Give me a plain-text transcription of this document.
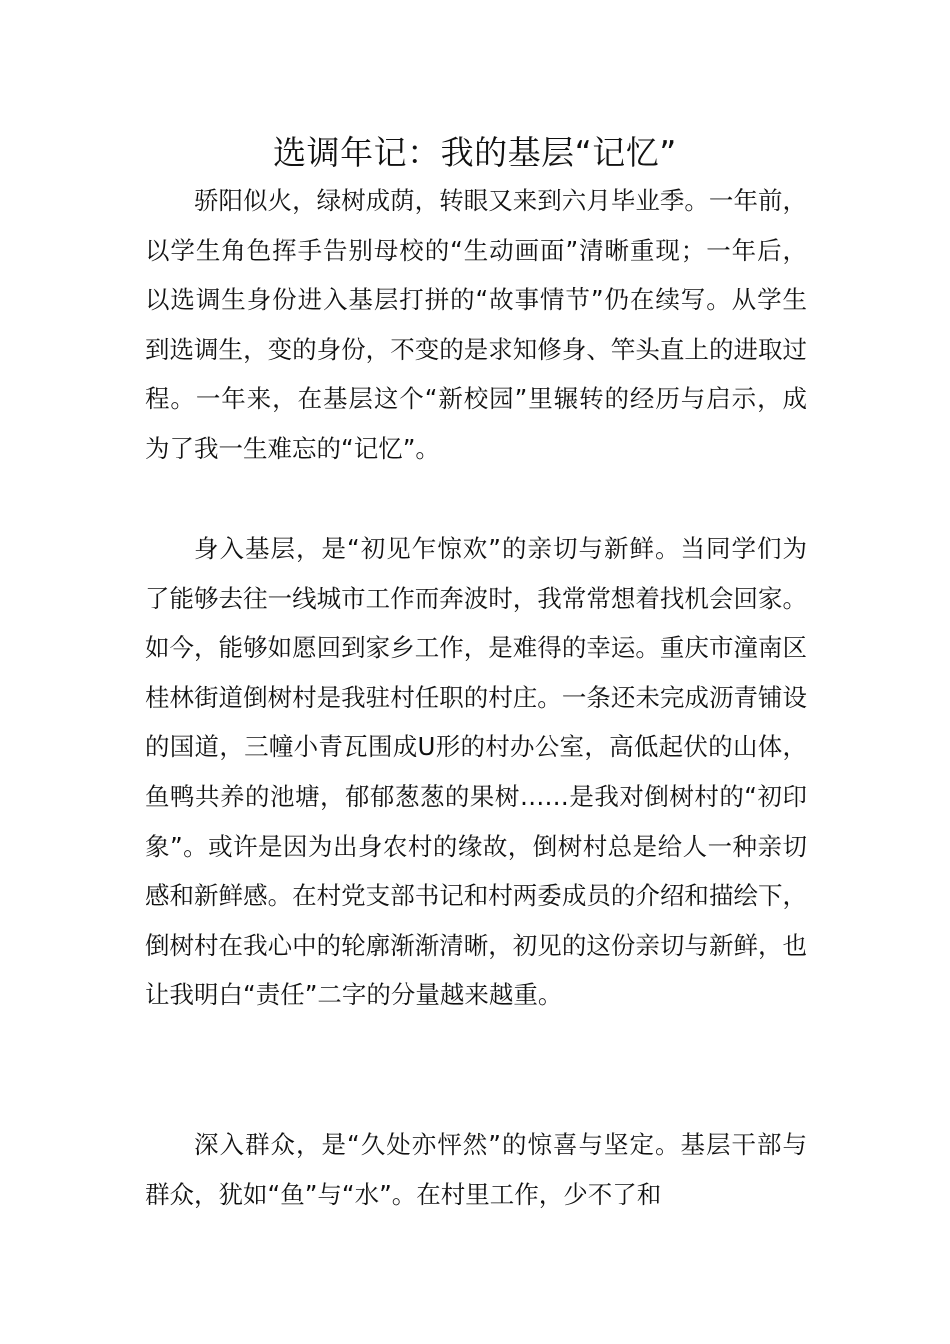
选调年记：我的基层“记忆”

骄阳似火，绿树成荫，转眼又来到六月毕业季。一年前，以学生角色挥手告别母校的“生动画面”清晰重现；一年后，以选调生身份进入基层打拼的“故事情节”仍在续写。从学生到选调生，变的身份，不变的是求知修身、竿头直上的进取过程。一年来，在基层这个“新校园”里辗转的经历与启示，成为了我一生难忘的“记忆”。

身入基层，是“初见乍惊欢”的亲切与新鲜。当同学们为了能够去往一线城市工作而奔波时，我常常想着找机会回家。如今，能够如愿回到家乡工作，是难得的幸运。重庆市潼南区桂林街道倒树村是我驻村任职的村庄。一条还未完成沥青铺设的国道，三幢小青瓦围成U形的村办公室，高低起伏的山体，鱼鸭共养的池塘，郁郁葱葱的果树……是我对倒树村的“初印象”。或许是因为出身农村的缘故，倒树村总是给人一种亲切感和新鲜感。在村党支部书记和村两委成员的介绍和描绘下，倒树村在我心中的轮廓渐渐清晰，初见的这份亲切与新鲜，也让我明白“责任”二字的分量越来越重。

深入群众，是“久处亦怦然”的惊喜与坚定。基层干部与群众，犹如“鱼”与“水”。在村里工作，少不了和
